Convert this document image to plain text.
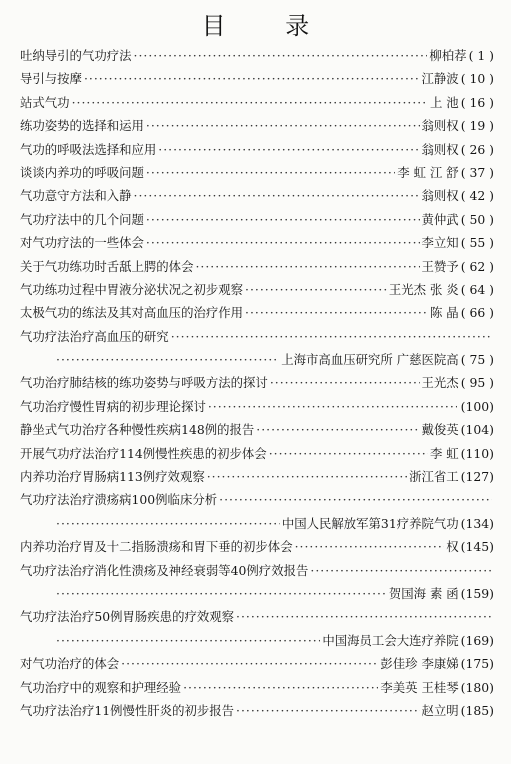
目 录
吐纳导引的气功疗法 ·····	柳柏荐 ( 1 )
导引与按摩 ·····	江静波 ( 10 )
站式气功 ·····	上 池 ( 16 )
练功姿势的选择和运用 ·····	翁则权 ( 19 )
气功的呼吸法选择和应用 ·····	翁则权 ( 26 )
谈谈内养功的呼吸问题 ·····	李 虹 江 舒 ( 37 )
气功意守方法和入静 ·····	翁则权 ( 42 )
气功疗法中的几个问题 ·····	黄仲武 ( 50 )
对气功疗法的一些体会 ·····	李立知 ( 55 )
关于气功练功时舌舐上腭的体会 ·····	王赞予 ( 62 )
气功练功过程中胃液分泌状况之初步观察 ·····	王光杰 张 炎 ( 64 )
太极气功的练法及其对高血压的治疗作用 ·····	陈 晶 ( 66 )
气功疗法治疗高血压的研究
·····
·····
上海市高血压研究所 广慈医院高 ( 75 )
气功治疗肺结核的练功姿势与呼吸方法的探讨 ·····	王光杰 ( 95 )
气功治疗慢性胃病的初步理论探讨 ·····	(100)
静坐式气功治疗各种慢性疾病148例的报告 ·····	戴俊英 (104)
开展气功疗法治疗114例慢性疾患的初步体会 ·····	李 虹 (110)
内养功治疗胃肠病113例疗效观察 ·····	浙江省工 (127)
气功疗法治疗溃疡病100例临床分析
·····
·····
中国人民解放军第31疗养院气功 (134)
内养功治疗胃及十二指肠溃疡和胃下垂的初步体会 ·····	权 (145)
气功疗法治疗消化性溃疡及神经衰弱等40例疗效报告
·····
·····
贺国海 素 函 (159)
气功疗法治疗50例胃肠疾患的疗效观察
·····
·····
中国海员工会大连疗养院 (169)
对气功治疗的体会 ·····	彭佳珍 李康娣 (175)
气功治疗中的观察和护理经验 ·····	李美英 王桂琴 (180)
气功疗法治疗11例慢性肝炎的初步报告 ·····	赵立明 (185)
